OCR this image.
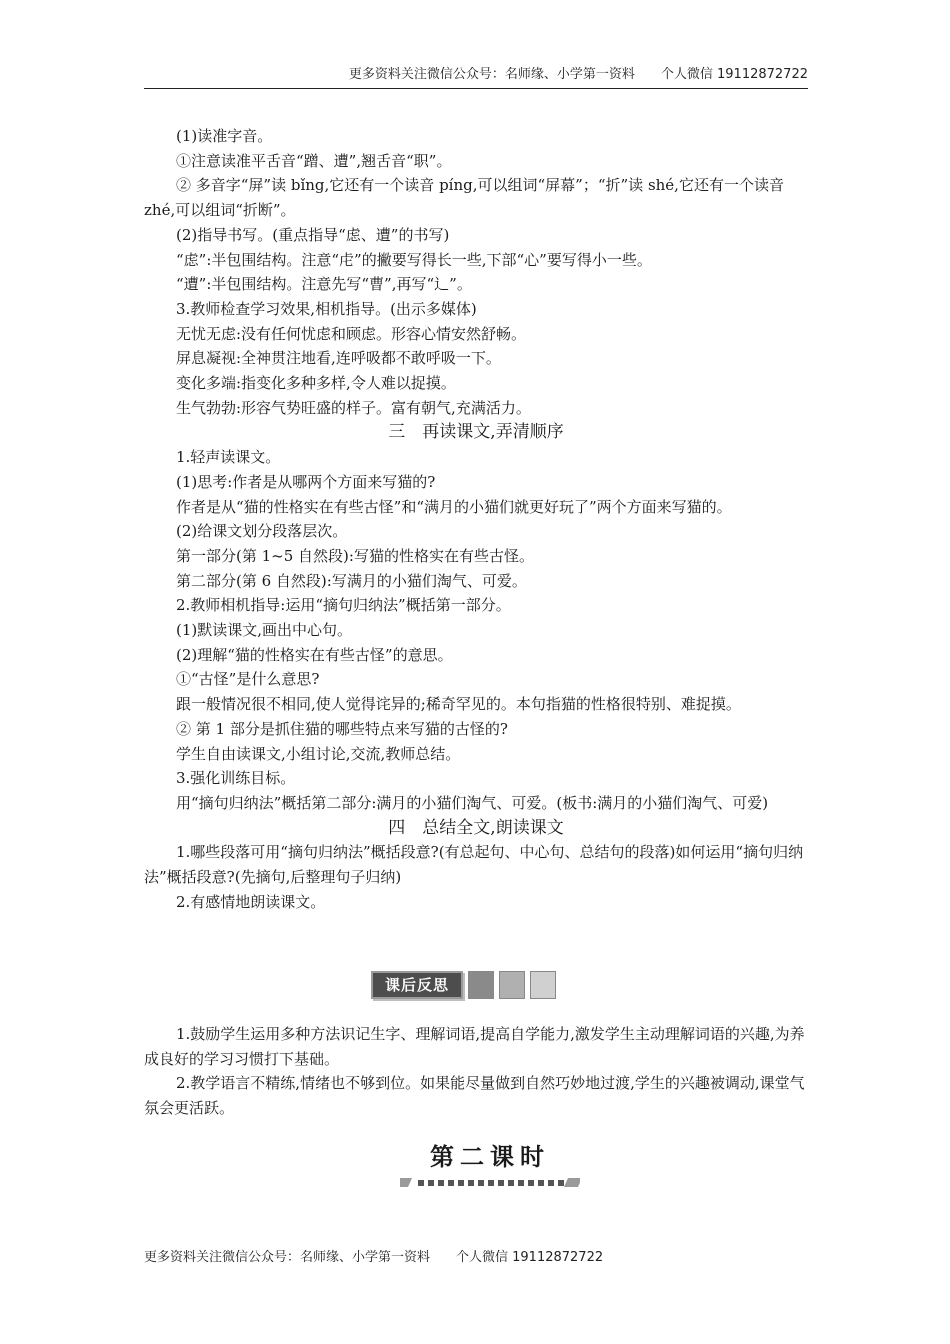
更多资料关注微信公众号：名师缘、小学第一资料　　个人微信 19112872722

(1)读准字音。

①注意读准平舌音“蹭、遭”,翘舌音“职”。

② 多音字“屏”读 bǐng,它还有一个读音 píng,可以组词“屏幕”；“折”读 shé,它还有一个读音 zhé,可以组词“折断”。

(2)指导书写。(重点指导“虑、遭”的书写)

“虑”:半包围结构。注意“虍”的撇要写得长一些,下部“心”要写得小一些。

“遭”:半包围结构。注意先写“曹”,再写“辶”。

3.教师检查学习效果,相机指导。(出示多媒体)

无忧无虑:没有任何忧虑和顾虑。形容心情安然舒畅。

屏息凝视:全神贯注地看,连呼吸都不敢呼吸一下。

变化多端:指变化多种多样,令人难以捉摸。

生气勃勃:形容气势旺盛的样子。富有朝气,充满活力。

三　再读课文,弄清顺序

1.轻声读课文。

(1)思考:作者是从哪两个方面来写猫的?

作者是从“猫的性格实在有些古怪”和“满月的小猫们就更好玩了”两个方面来写猫的。

(2)给课文划分段落层次。

第一部分(第 1~5 自然段):写猫的性格实在有些古怪。

第二部分(第 6 自然段):写满月的小猫们淘气、可爱。

2.教师相机指导:运用“摘句归纳法”概括第一部分。

(1)默读课文,画出中心句。

(2)理解“猫的性格实在有些古怪”的意思。

①“古怪”是什么意思?

跟一般情况很不相同,使人觉得诧异的;稀奇罕见的。本句指猫的性格很特别、难捉摸。

② 第 1 部分是抓住猫的哪些特点来写猫的古怪的?

学生自由读课文,小组讨论,交流,教师总结。

3.强化训练目标。

用“摘句归纳法”概括第二部分:满月的小猫们淘气、可爱。(板书:满月的小猫们淘气、可爱)

四　总结全文,朗读课文

1.哪些段落可用“摘句归纳法”概括段意?(有总起句、中心句、总结句的段落)如何运用“摘句归纳法”概括段意?(先摘句,后整理句子归纳)

2.有感情地朗读课文。

课后反思

1.鼓励学生运用多种方法识记生字、理解词语,提高自学能力,激发学生主动理解词语的兴趣,为养成良好的学习习惯打下基础。

2.教学语言不精练,情绪也不够到位。如果能尽量做到自然巧妙地过渡,学生的兴趣被调动,课堂气氛会更活跃。

第二课时
更多资料关注微信公众号：名师缘、小学第一资料　　个人微信 19112872722
